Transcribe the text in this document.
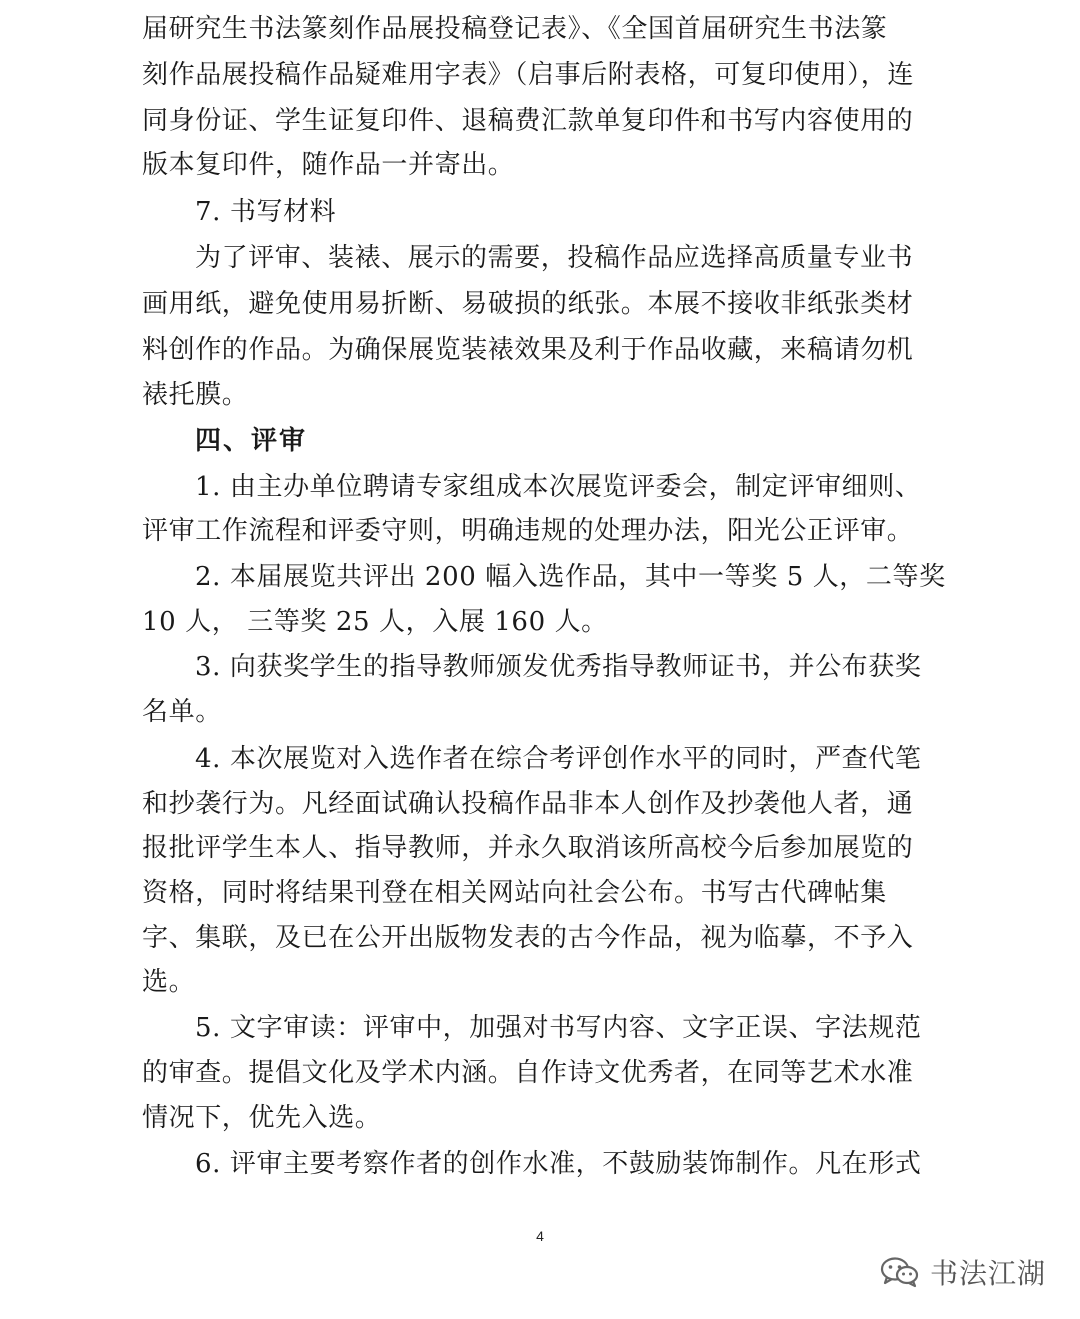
届研究生书法篆刻作品展投稿登记表》、《全国首届研究生书法篆
刻作品展投稿作品疑难用字表》（启事后附表格，可复印使用），连
同身份证、学生证复印件、退稿费汇款单复印件和书写内容使用的
版本复印件，随作品一并寄出。
7. 书写材料
为了评审、装裱、展示的需要，投稿作品应选择高质量专业书
画用纸，避免使用易折断、易破损的纸张。本展不接收非纸张类材
料创作的作品。为确保展览装裱效果及利于作品收藏，来稿请勿机
裱托膜。
四、评审
1. 由主办单位聘请专家组成本次展览评委会，制定评审细则、
评审工作流程和评委守则，明确违规的处理办法，阳光公正评审。
2. 本届展览共评出 200 幅入选作品，其中一等奖 5 人，二等奖
10 人， 三等奖 25 人，入展 160 人。
3. 向获奖学生的指导教师颁发优秀指导教师证书，并公布获奖
名单。
4. 本次展览对入选作者在综合考评创作水平的同时，严查代笔
和抄袭行为。凡经面试确认投稿作品非本人创作及抄袭他人者，通
报批评学生本人、指导教师，并永久取消该所高校今后参加展览的
资格，同时将结果刊登在相关网站向社会公布。书写古代碑帖集
字、集联，及已在公开出版物发表的古今作品，视为临摹，不予入
选。
5. 文字审读：评审中，加强对书写内容、文字正误、字法规范
的审查。提倡文化及学术内涵。自作诗文优秀者，在同等艺术水准
情况下，优先入选。
6. 评审主要考察作者的创作水准，不鼓励装饰制作。凡在形式
4
书法江湖
